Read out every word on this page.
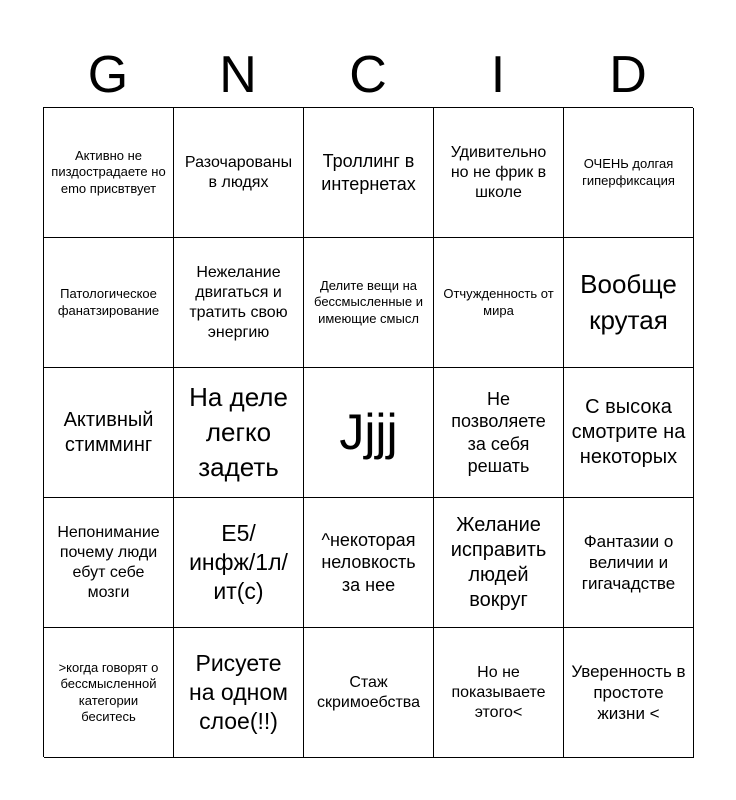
G	N	C	I	D
Активно не пиздострадаете но emo присвтвует
Разочарованы в людях
Троллинг в интернетах
Удивительно но не фрик в школе
ОЧЕНЬ долгая гиперфиксация
Патологическое фанатзирование
Нежелание двигаться и тратить свою энергию
Делите вещи на бессмысленные и имеющие смысл
Отчужденность от мира
Вообще крутая
Активный стимминг
На деле легко задеть
Jjjj
Не позволяете за себя решать
С высока смотрите на некоторых
Непонимание почему люди ебут себе мозги
E5/ инфж/1л/ ит(с)
^некоторая неловкость за нее
Желание исправить людей вокруг
Фантазии о величии и гигачадстве
>когда говорят о бессмысленной категории беситесь
Рисуете на одном слое(!!)
Стаж скримоебства
Но не показываете этого<
Уверенность в простоте жизни <
